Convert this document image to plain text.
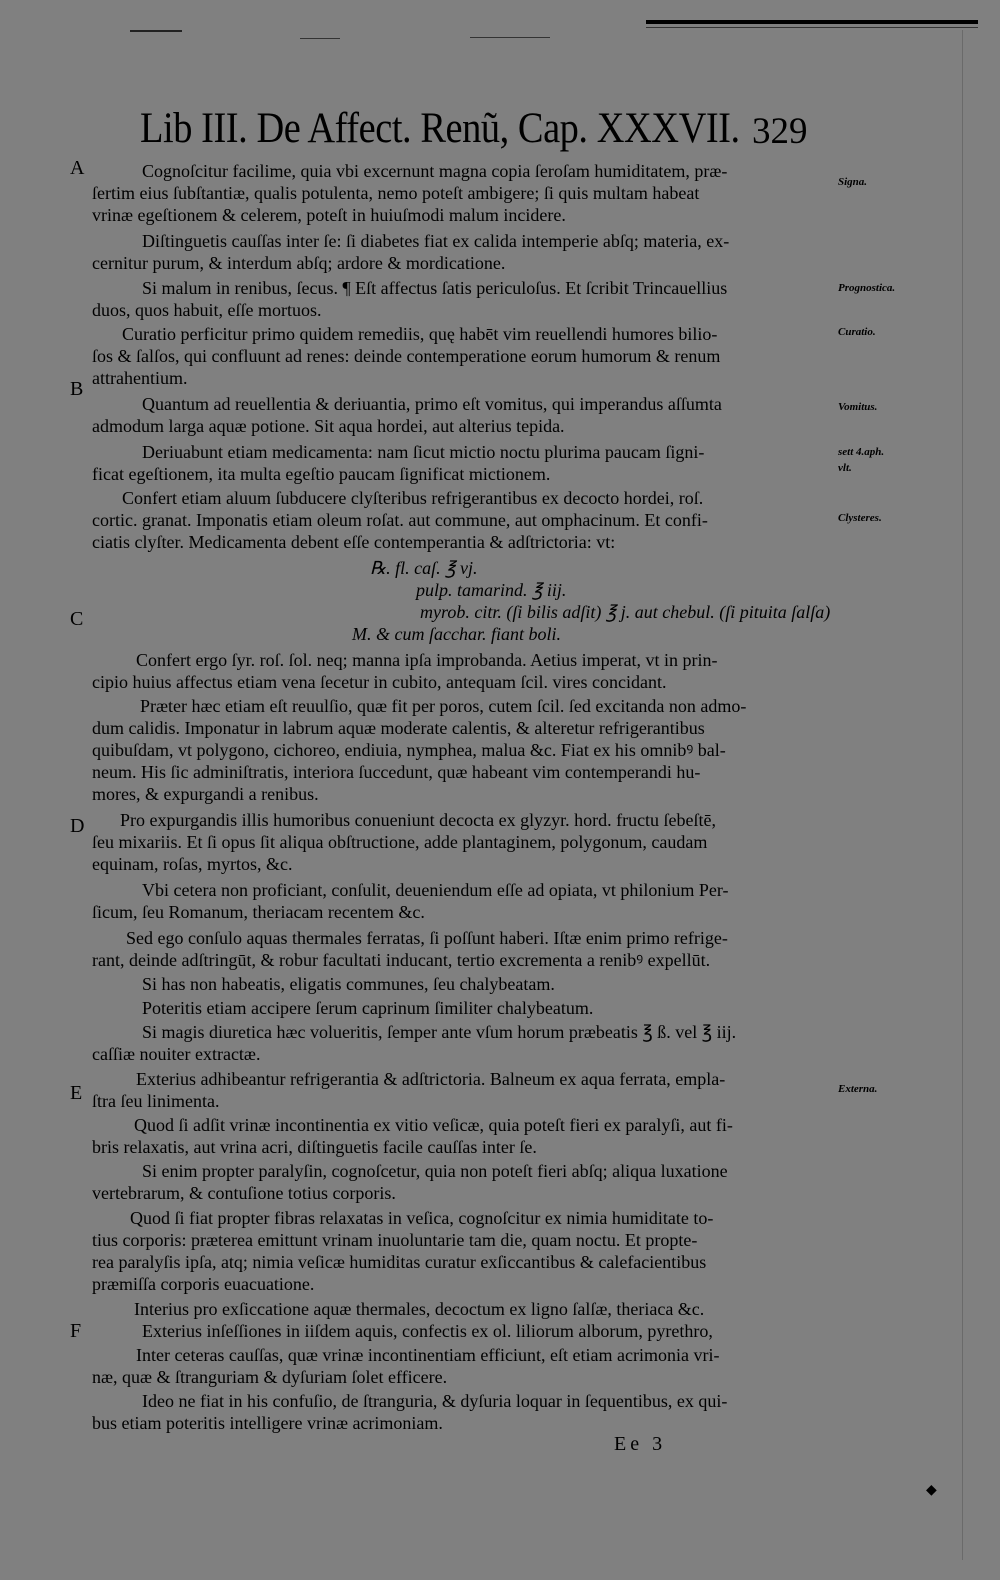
◆
Lib III. De Affect. Renũ, Cap. XXXVII. 329
A
B
C
D
E
F
Signa.
Prognostica.
Curatio.
Vomitus.
sett 4.aph.
vlt.
Clysteres.
Externa.
Cognoſcitur facilime, quia vbi excernunt magna copia ſeroſam humiditatem, præ-
ſertim eius ſubſtantiæ, qualis potulenta, nemo poteſt ambigere; ſi quis multam habeat
vrinæ egeſtionem & celerem, poteſt in huiuſmodi malum incidere.
Diſtinguetis cauſſas inter ſe: ſi diabetes fiat ex calida intemperie abſq; materia, ex-
cernitur purum, & interdum abſq; ardore & mordicatione.
Si malum in renibus, ſecus. ¶ Eſt affectus ſatis periculoſus. Et ſcribit Trincauellius
duos, quos habuit, eſſe mortuos.
Curatio perficitur primo quidem remediis, quę habēt vim reuellendi humores bilio-
ſos & ſalſos, qui confluunt ad renes: deinde contemperatione eorum humorum & renum
attrahentium.
Quantum ad reuellentia & deriuantia, primo eſt vomitus, qui imperandus aſſumta
admodum larga aquæ potione. Sit aqua hordei, aut alterius tepida.
Deriuabunt etiam medicamenta: nam ſicut mictio noctu plurima paucam ſigni-
ficat egeſtionem, ita multa egeſtio paucam ſignificat mictionem.
Confert etiam aluum ſubducere clyſteribus refrigerantibus ex decocto hordei, roſ.
cortic. granat. Imponatis etiam oleum roſat. aut commune, aut omphacinum. Et confi-
ciatis clyſter. Medicamenta debent eſſe contemperantia & adſtrictoria: vt:
℞. fl. caſ. ℥ vj.
pulp. tamarind. ℥ iij.
myrob. citr. (ſi bilis adſit) ℥ j. aut chebul. (ſi pituita ſalſa)
M. & cum ſacchar. fiant boli.
Confert ergo ſyr. roſ. ſol. neq; manna ipſa improbanda. Aetius imperat, vt in prin-
cipio huius affectus etiam vena ſecetur in cubito, antequam ſcil. vires concidant.
Præter hæc etiam eſt reuulſio, quæ fit per poros, cutem ſcil. ſed excitanda non admo-
dum calidis. Imponatur in labrum aquæ moderate calentis, & alteretur refrigerantibus
quibuſdam, vt polygono, cichoreo, endiuia, nymphea, malua &c. Fiat ex his omnibꝰ bal-
neum. His ſic adminiſtratis, interiora ſuccedunt, quæ habeant vim contemperandi hu-
mores, & expurgandi a renibus.
Pro expurgandis illis humoribus conueniunt decocta ex glyzyr. hord. fructu ſebeſtē,
ſeu mixariis. Et ſi opus ſit aliqua obſtructione, adde plantaginem, polygonum, caudam
equinam, roſas, myrtos, &c.
Vbi cetera non proficiant, conſulit, deueniendum eſſe ad opiata, vt philonium Per-
ſicum, ſeu Romanum, theriacam recentem &c.
Sed ego conſulo aquas thermales ferratas, ſi poſſunt haberi. Iſtæ enim primo refrige-
rant, deinde adſtringūt, & robur facultati inducant, tertio excrementa a renibꝰ expellūt.
Si has non habeatis, eligatis communes, ſeu chalybeatam.
Poteritis etiam accipere ſerum caprinum ſimiliter chalybeatum.
Si magis diuretica hæc volueritis, ſemper ante vſum horum præbeatis ℥ ß. vel ℥ iij.
caſſiæ nouiter extractæ.
Exterius adhibeantur refrigerantia & adſtrictoria. Balneum ex aqua ferrata, empla-
ſtra ſeu linimenta.
Quod ſi adſit vrinæ incontinentia ex vitio veſicæ, quia poteſt fieri ex paralyſi, aut fi-
bris relaxatis, aut vrina acri, diſtinguetis facile cauſſas inter ſe.
Si enim propter paralyſin, cognoſcetur, quia non poteſt fieri abſq; aliqua luxatione
vertebrarum, & contuſione totius corporis.
Quod ſi fiat propter fibras relaxatas in veſica, cognoſcitur ex nimia humiditate to-
tius corporis: præterea emittunt vrinam inuoluntarie tam die, quam noctu. Et propte-
rea paralyſis ipſa, atq; nimia veſicæ humiditas curatur exſiccantibus & calefacientibus
præmiſſa corporis euacuatione.
Interius pro exſiccatione aquæ thermales, decoctum ex ligno ſalſæ, theriaca &c.
Exterius inſeſſiones in iiſdem aquis, confectis ex ol. liliorum alborum, pyrethro,
Inter ceteras cauſſas, quæ vrinæ incontinentiam efficiunt, eſt etiam acrimonia vri-
næ, quæ & ſtranguriam & dyſuriam ſolet efficere.
Ideo ne fiat in his confuſio, de ſtranguria, & dyſuria loquar in ſequentibus, ex qui-
bus etiam poteritis intelligere vrinæ acrimoniam.
Ee 3
